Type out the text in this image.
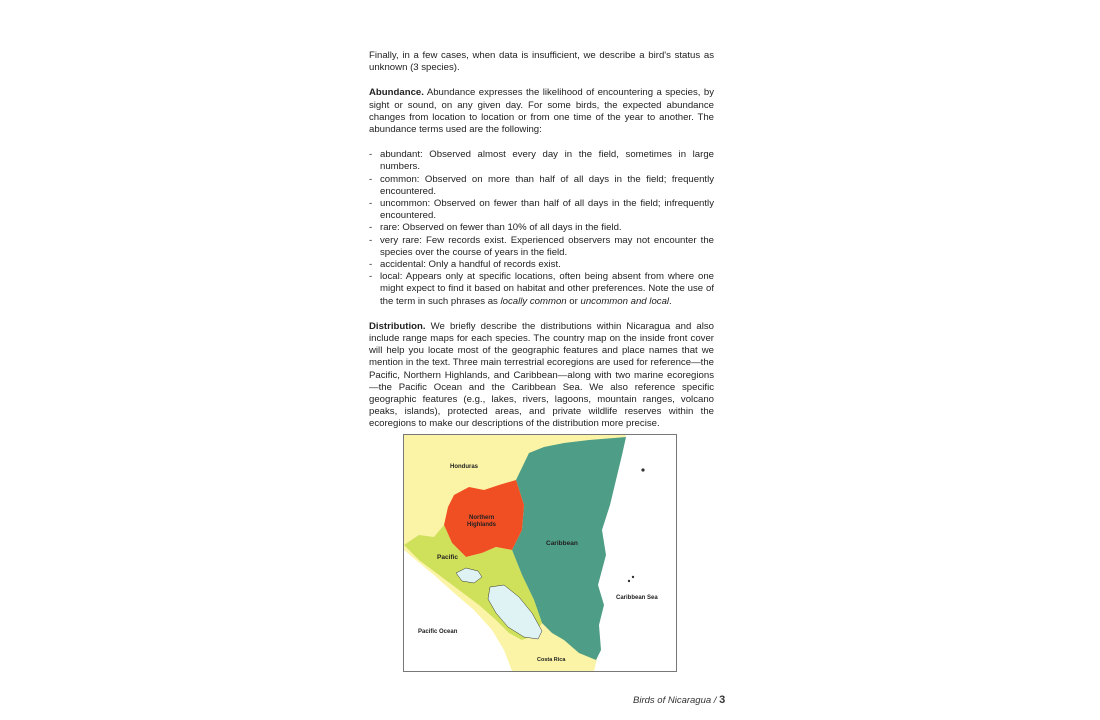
Finally, in a few cases, when data is insufficient, we describe a bird's status as unknown (3 species).

Abundance. Abundance expresses the likelihood of encountering a species, by sight or sound, on any given day. For some birds, the expected abundance changes from location to location or from one time of the year to another. The abundance terms used are the following:

- abundant: Observed almost every day in the field, sometimes in large numbers.
- common: Observed on more than half of all days in the field; frequently encountered.
- uncommon: Observed on fewer than half of all days in the field; infrequently encountered.
- rare: Observed on fewer than 10% of all days in the field.
- very rare: Few records exist. Experienced observers may not encounter the species over the course of years in the field.
- accidental: Only a handful of records exist.
- local: Appears only at specific locations, often being absent from where one might expect to find it based on habitat and other preferences. Note the use of the term in such phrases as locally common or uncommon and local.

Distribution. We briefly describe the distributions within Nicaragua and also include range maps for each species. The country map on the inside front cover will help you locate most of the geographic features and place names that we mention in the text. Three main terrestrial ecoregions are used for reference—the Pacific, Northern Highlands, and Caribbean—along with two marine ecoregions—the Pacific Ocean and the Caribbean Sea. We also reference specific geographic features (e.g., lakes, rivers, lagoons, mountain ranges, volcano peaks, islands), protected areas, and private wildlife reserves within the ecoregions to make our descriptions of the distribution more precise.

Honduras
Northern
Highlands
Caribbean
Pacific
Caribbean Sea
Pacific Ocean
Costa Rica
Birds of Nicaragua / 3
